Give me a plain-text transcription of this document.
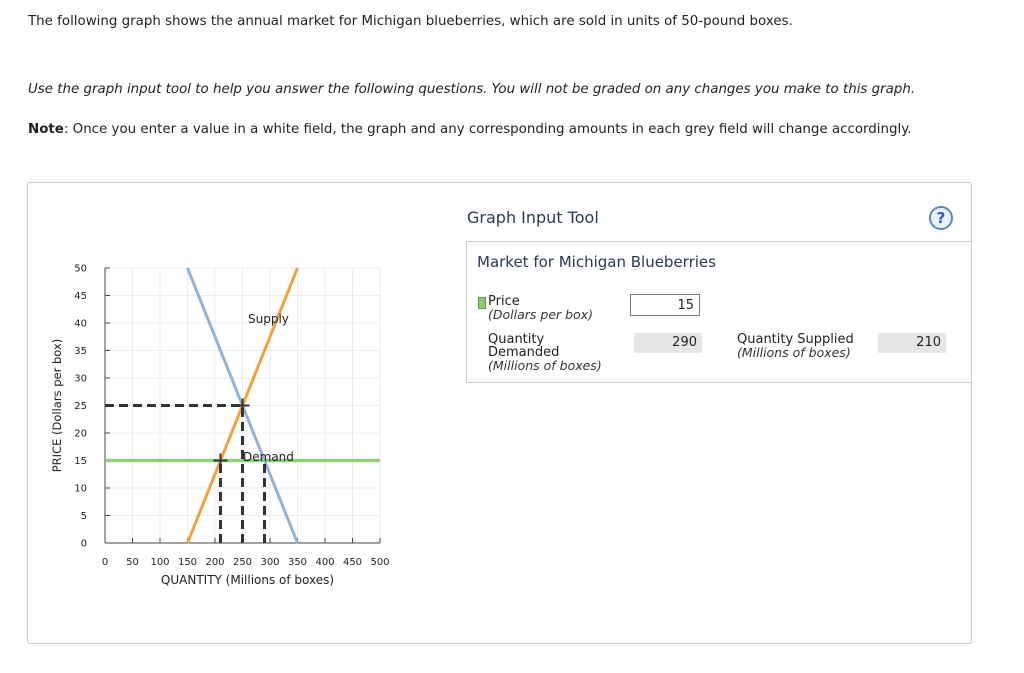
The following graph shows the annual market for Michigan blueberries, which are sold in units of 50-pound boxes.
Use the graph input tool to help you answer the following questions. You will not be graded on any changes you make to this graph.
Note: Once you enter a value in a white field, the graph and any corresponding amounts in each grey field will change accordingly.
0
5
10
15
20
25
30
35
40
45
50
0 50 100 150 200 250 300 350 400 450 500
QUANTITY (Millions of boxes)
PRICE (Dollars per box)
Supply
Demand
Graph Input Tool	?
Market for Michigan Blueberries
Price
(Dollars per box)
15
Quantity
Demanded
(Millions of boxes)
290	Quantity Supplied
(Millions of boxes)
210
